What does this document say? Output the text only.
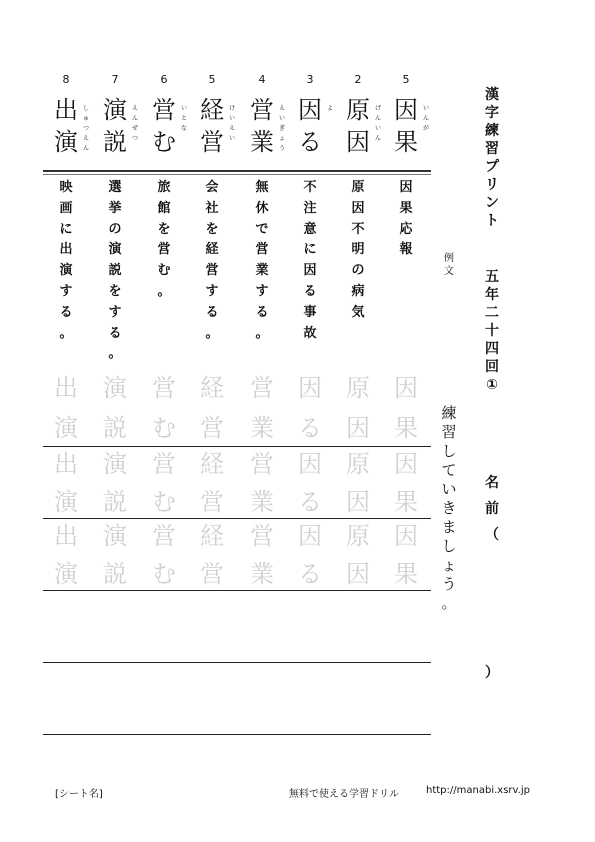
5
因
果
い
ん
が
因
果
応
報
因
果
因
果
因
果
2
原
因
げ
ん
い
ん
原
因
不
明
の
病
気
原
因
原
因
原
因
3
因
る
よ
不
注
意
に
因
る
事
故
因
る
因
る
因
る
4
営
業
え
い
ぎ
ょ
う
無
休
で
営
業
す
る
。
営
業
営
業
営
業
5
経
営
け
い
え
い
会
社
を
経
営
す
る
。
経
営
経
営
経
営
6
営
む
い
と
な
旅
館
を
営
む
。
営
む
営
む
営
む
7
演
説
え
ん
ぜ
つ
選
挙
の
演
説
を
す
る
。
演
説
演
説
演
説
8
出
演
し
ゅ
つ
え
ん
映
画
に
出
演
す
る
。
出
演
出
演
出
演
漢
字
練
習
プ
リ
ン
ト
五
年
二
十
四
回
①
名
前
（
）
例
文
練
習
し
て
い
き
ま
し
ょ
う
。
[シート名]	無料で使える学習ドリル	http://manabi.xsrv.jp
